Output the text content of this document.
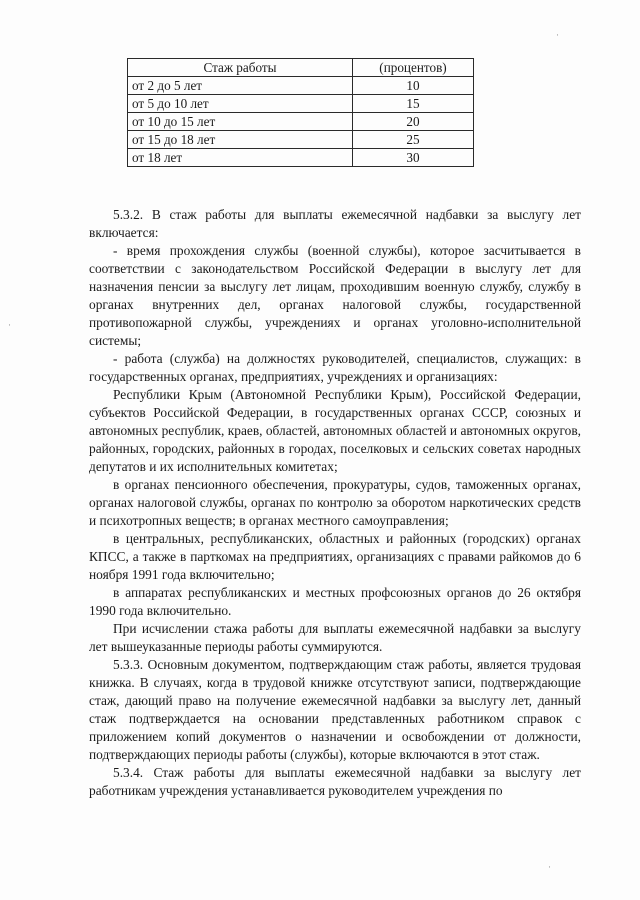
Стаж работы	(процентов)
от 2 до 5 лет	10
от 5 до 10 лет	15
от 10 до 15 лет	20
от 15 до 18 лет	25
от 18 лет	30

5.3.2. В стаж работы для выплаты ежемесячной надбавки за выслугу лет включается:

- время прохождения службы (военной службы), которое засчитывается в соответствии с законодательством Российской Федерации в выслугу лет для назначения пенсии за выслугу лет лицам, проходившим военную службу, службу в органах внутренних дел, органах налоговой службы, государственной противопожарной службы, учреждениях и органах уголовно-исполнительной системы;

- работа (служба) на должностях руководителей, специалистов, служащих: в государственных органах, предприятиях, учреждениях и организациях:

Республики Крым (Автономной Республики Крым), Российской Федерации, субъектов Российской Федерации, в государственных органах СССР, союзных и автономных республик, краев, областей, автономных областей и автономных округов, районных, городских, районных в городах, поселковых и сельских советах народных депутатов и их исполнительных комитетах;

в органах пенсионного обеспечения, прокуратуры, судов, таможенных органах, органах налоговой службы, органах по контролю за оборотом наркотических средств и психотропных веществ; в органах местного самоуправления;

в центральных, республиканских, областных и районных (городских) органах КПСС, а также в парткомах на предприятиях, организациях с правами райкомов до 6 ноября 1991 года включительно;

в аппаратах республиканских и местных профсоюзных органов до 26 октября 1990 года включительно.

При исчислении стажа работы для выплаты ежемесячной надбавки за выслугу лет вышеуказанные периоды работы суммируются.

5.3.3. Основным документом, подтверждающим стаж работы, является трудовая книжка. В случаях, когда в трудовой книжке отсутствуют записи, подтверждающие стаж, дающий право на получение ежемесячной надбавки за выслугу лет, данный стаж подтверждается на основании представленных работником справок с приложением копий документов о назначении и освобождении от должности, подтверждающих периоды работы (службы), которые включаются в этот стаж.

5.3.4. Стаж работы для выплаты ежемесячной надбавки за выслугу лет работникам учреждения устанавливается руководителем учреждения по

·
·
·
